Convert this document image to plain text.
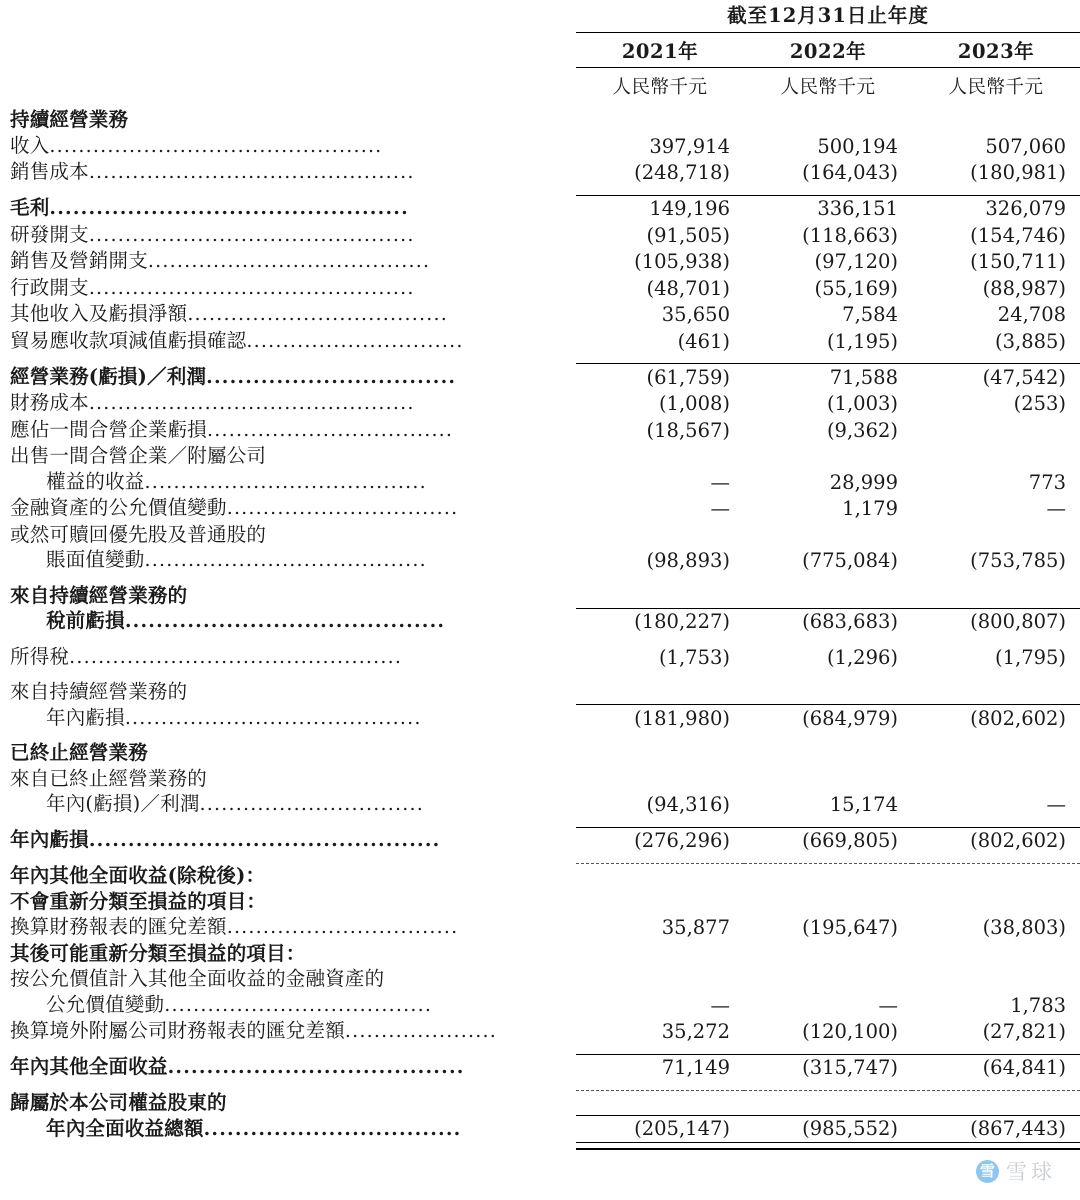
	截至12月31日止年度		
	2021年	2022年	2023年
	人民幣千元	人民幣千元	人民幣千元
持續經營業務			
收入..............................................	397,914	500,194	507,060
銷售成本.............................................	(248,718)	(164,043)	(180,981)

毛利..............................................	149,196	336,151	326,079
研發開支.............................................	(91,505)	(118,663)	(154,746)
銷售及營銷開支.......................................	(105,938)	(97,120)	(150,711)
行政開支.............................................	(48,701)	(55,169)	(88,987)
其他收入及虧損淨額....................................	35,650	7,584	24,708
貿易應收款項減值虧損確認..............................	(461)	(1,195)	(3,885)

經營業務(虧損)／利潤................................	(61,759)	71,588	(47,542)
財務成本.............................................	(1,008)	(1,003)	(253)
應佔一間合營企業虧損..................................	(18,567)	(9,362)	
出售一間合營企業／附屬公司			
權益的收益.......................................	—	28,999	773
金融資產的公允價值變動................................	—	1,179	—
或然可贖回優先股及普通股的			
賬面值變動.......................................	(98,893)	(775,084)	(753,785)

來自持續經營業務的			
稅前虧損.........................................	(180,227)	(683,683)	(800,807)

所得稅..............................................	(1,753)	(1,296)	(1,795)

來自持續經營業務的			
年內虧損.........................................	(181,980)	(684,979)	(802,602)

已終止經營業務			
來自已終止經營業務的			
年內(虧損)／利潤...............................	(94,316)	15,174	—

年內虧損.............................................	(276,296)	(669,805)	(802,602)

年內其他全面收益(除稅後)：			
不會重新分類至損益的項目：			
換算財務報表的匯兌差額................................	35,877	(195,647)	(38,803)
其後可能重新分類至損益的項目：			
按公允價值計入其他全面收益的金融資產的			
公允價值變動.....................................	—	—	1,783
換算境外附屬公司財務報表的匯兌差額.....................	35,272	(120,100)	(27,821)

年內其他全面收益......................................	71,149	(315,747)	(64,841)

歸屬於本公司權益股東的			
年內全面收益總額.................................	(205,147)	(985,552)	(867,443)

雪 雪球
